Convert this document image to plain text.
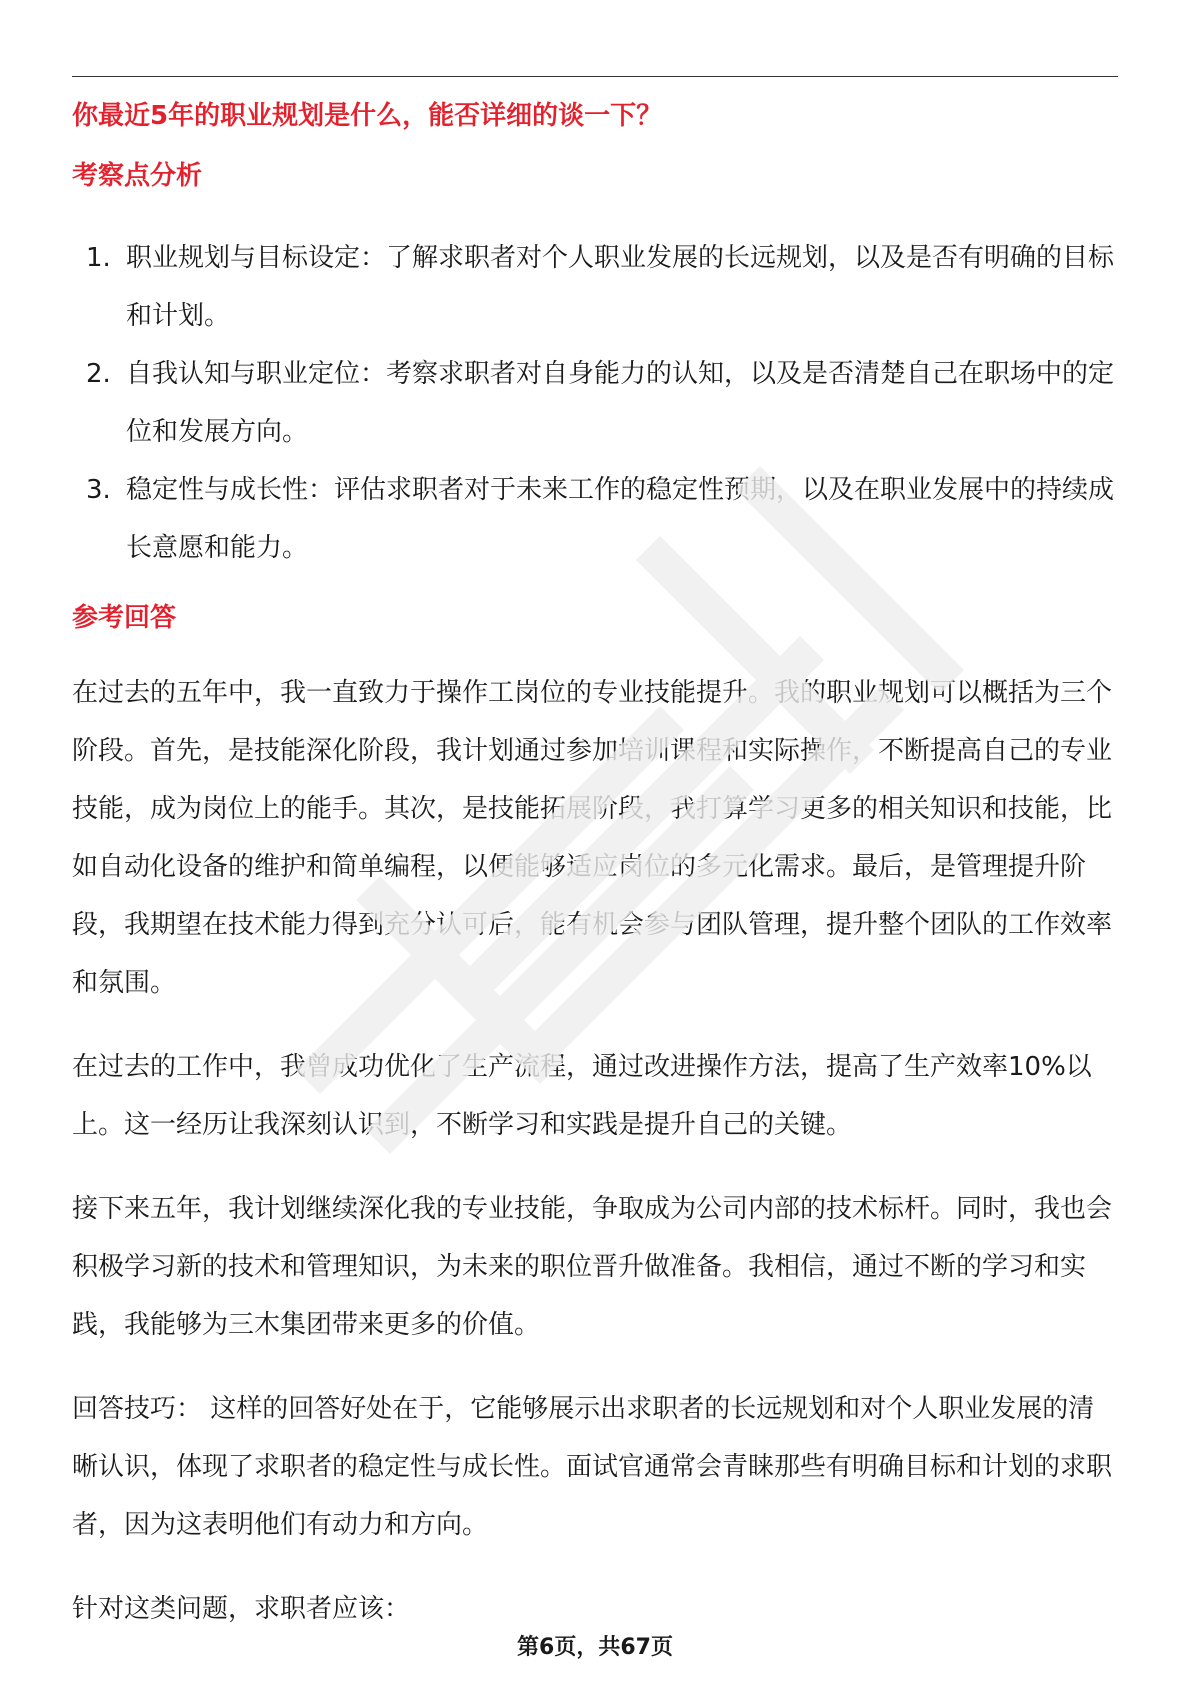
你最近5年的职业规划是什么，能否详细的谈一下？
考察点分析
1. 职业规划与目标设定：了解求职者对个人职业发展的长远规划，以及是否有明确的目标和计划。
2. 自我认知与职业定位：考察求职者对自身能力的认知，以及是否清楚自己在职场中的定位和发展方向。
3. 稳定性与成长性：评估求职者对于未来工作的稳定性预期，以及在职业发展中的持续成长意愿和能力。
参考回答

在过去的五年中，我一直致力于操作工岗位的专业技能提升。我的职业规划可以概括为三个阶段。首先，是技能深化阶段，我计划通过参加培训课程和实际操作，不断提高自己的专业技能，成为岗位上的能手。其次，是技能拓展阶段，我打算学习更多的相关知识和技能，比如自动化设备的维护和简单编程，以便能够适应岗位的多元化需求。最后，是管理提升阶段，我期望在技术能力得到充分认可后，能有机会参与团队管理，提升整个团队的工作效率和氛围。

在过去的工作中，我曾成功优化了生产流程，通过改进操作方法，提高了生产效率10%以上。这一经历让我深刻认识到，不断学习和实践是提升自己的关键。

接下来五年，我计划继续深化我的专业技能，争取成为公司内部的技术标杆。同时，我也会积极学习新的技术和管理知识，为未来的职位晋升做准备。我相信，通过不断的学习和实践，我能够为三木集团带来更多的价值。

回答技巧： 这样的回答好处在于，它能够展示出求职者的长远规划和对个人职业发展的清晰认识，体现了求职者的稳定性与成长性。面试官通常会青睐那些有明确目标和计划的求职者，因为这表明他们有动力和方向。

针对这类问题，求职者应该：

第6页，共67页
